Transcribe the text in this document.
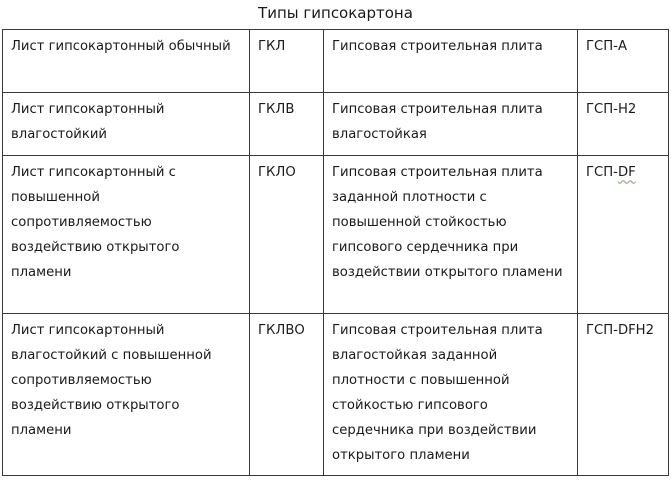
Типы гипсокартона
Лист гипсокартонный обычный	ГКЛ	Гипсовая строительная плита	ГСП-А
Лист гипсокартонный влагостойкий	ГКЛВ	Гипсовая строительная плита влагостойкая	ГСП-Н2
Лист гипсокартонный с повышенной сопротивляемостью воздействию открытого пламени	ГКЛО	Гипсовая строительная плита заданной плотности с повышенной стойкостью гипсового сердечника при воздействии открытого пламени	ГСП-DF
Лист гипсокартонный влагостойкий с повышенной сопротивляемостью воздействию открытого пламени	ГКЛВО	Гипсовая строительная плита влагостойкая заданной плотности с повышенной стойкостью гипсового сердечника при воздействии открытого пламени	ГСП-DFH2
